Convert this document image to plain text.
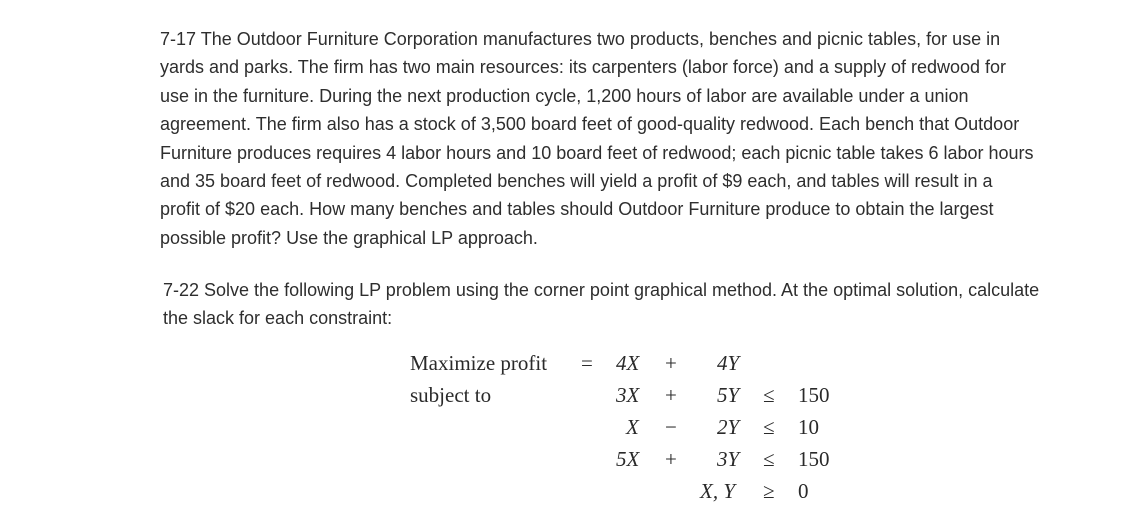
7-17 The Outdoor Furniture Corporation manufactures two products, benches and picnic tables, for use in
yards and parks. The firm has two main resources: its carpenters (labor force) and a supply of redwood for
use in the furniture. During the next production cycle, 1,200 hours of labor are available under a union
agreement. The firm also has a stock of 3,500 board feet of good-quality redwood. Each bench that Outdoor
Furniture produces requires 4 labor hours and 10 board feet of redwood; each picnic table takes 6 labor hours
and 35 board feet of redwood. Completed benches will yield a profit of $9 each, and tables will result in a
profit of $20 each. How many benches and tables should Outdoor Furniture produce to obtain the largest
possible profit? Use the graphical LP approach.
7-22 Solve the following LP problem using the corner point graphical method. At the optimal solution, calculate
the slack for each constraint:
Maximize profit =
subject to
4X + 4Y
3X + 5Y ≤ 150
X − 2Y ≤ 10
5X + 3Y ≤ 150
X, Y ≥ 0
